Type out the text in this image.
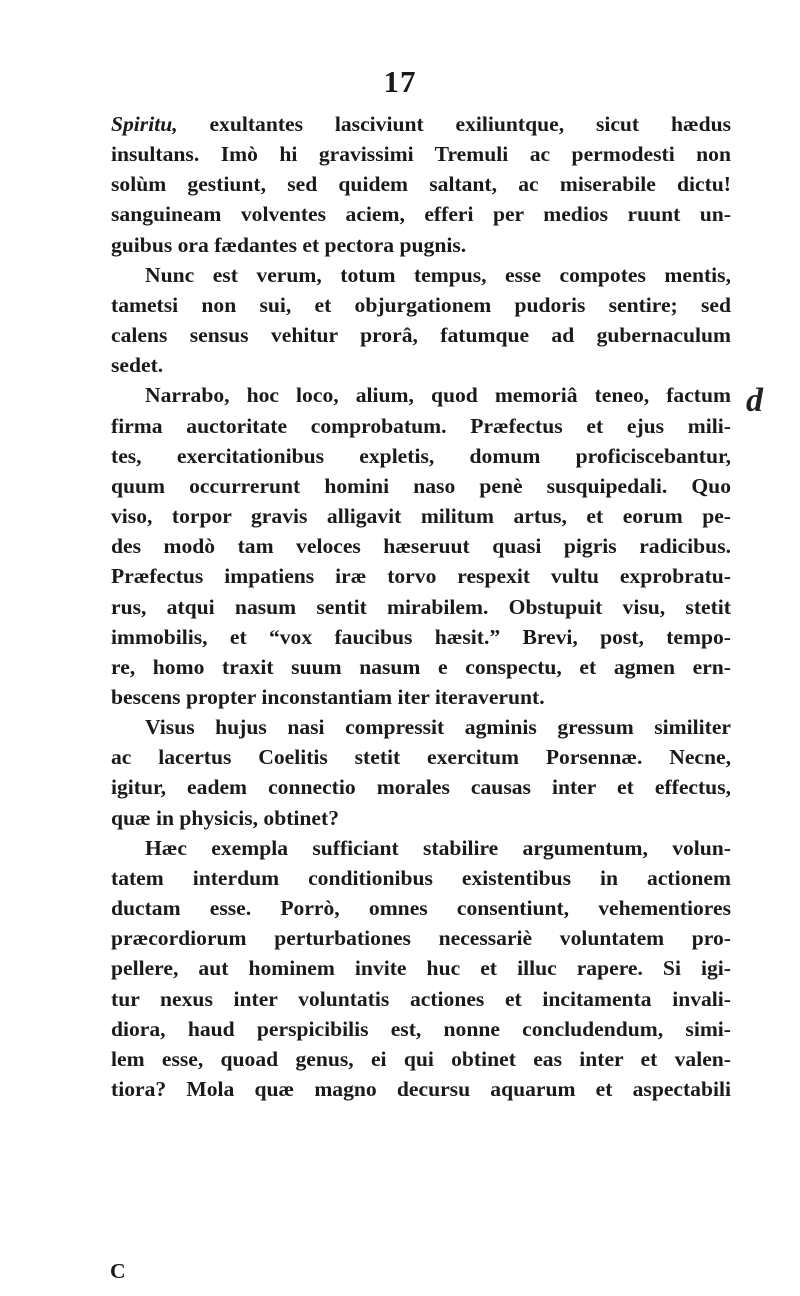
17
d
Spiritu, exultantes lasciviunt exiliuntque, sicut hædus
insultans. Imò hi gravissimi Tremuli ac permodesti non
solùm gestiunt, sed quidem saltant, ac miserabile dictu!
sanguineam volventes aciem, efferi per medios ruunt un-
guibus ora fædantes et pectora pugnis.
Nunc est verum, totum tempus, esse compotes mentis,
tametsi non sui, et objurgationem pudoris sentire; sed
calens sensus vehitur prorâ, fatumque ad gubernaculum
sedet.
Narrabo, hoc loco, alium, quod memoriâ teneo, factum
firma auctoritate comprobatum. Præfectus et ejus mili-
tes, exercitationibus expletis, domum proficiscebantur,
quum occurrerunt homini naso penè susquipedali. Quo
viso, torpor gravis alligavit militum artus, et eorum pe-
des modò tam veloces hæseruut quasi pigris radicibus.
Præfectus impatiens iræ torvo respexit vultu exprobratu-
rus, atqui nasum sentit mirabilem. Obstupuit visu, stetit
immobilis, et “vox faucibus hæsit.” Brevi, post, tempo-
re, homo traxit suum nasum e conspectu, et agmen ern-
bescens propter inconstantiam iter iteraverunt.
Visus hujus nasi compressit agminis gressum similiter
ac lacertus Coelitis stetit exercitum Porsennæ. Necne,
igitur, eadem connectio morales causas inter et effectus,
quæ in physicis, obtinet?
Hæc exempla sufficiant stabilire argumentum, volun-
tatem interdum conditionibus existentibus in actionem
ductam esse. Porrò, omnes consentiunt, vehementiores
præcordiorum perturbationes necessariè voluntatem pro-
pellere, aut hominem invite huc et illuc rapere. Si igi-
tur nexus inter voluntatis actiones et incitamenta invali-
diora, haud perspicibilis est, nonne concludendum, simi-
lem esse, quoad genus, ei qui obtinet eas inter et valen-
tiora? Mola quæ magno decursu aquarum et aspectabili
C
